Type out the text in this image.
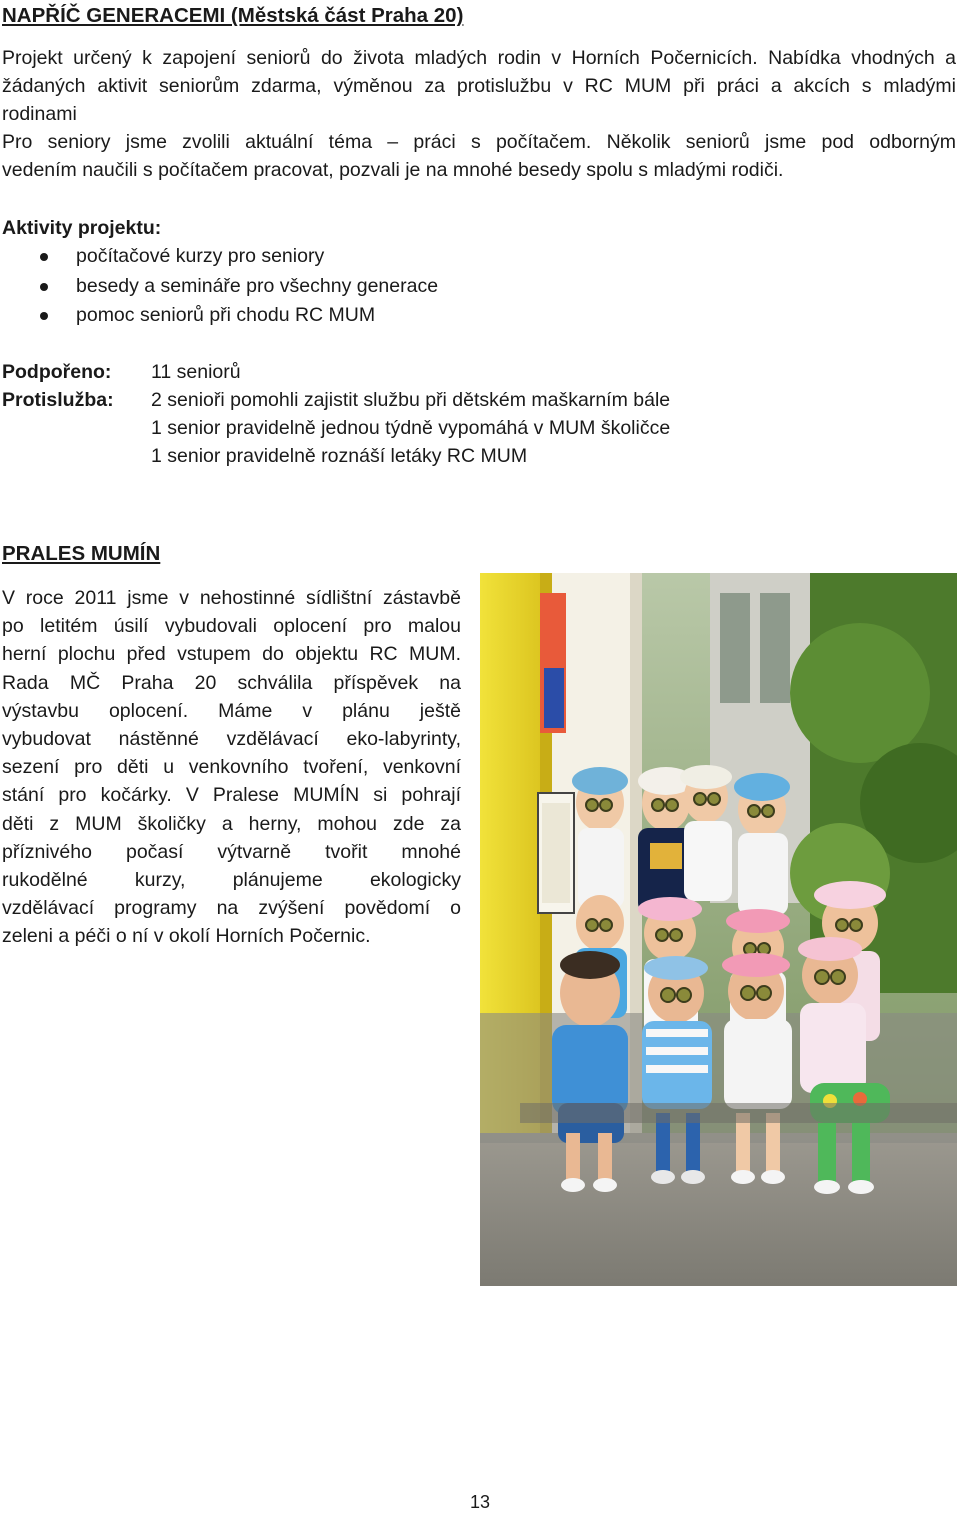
NAPŘÍČ GENERACEMI (Městská část Praha 20)
Projekt určený k zapojení seniorů do života mladých rodin v Horních Počernicích. Nabídka vhodných a
žádaných aktivit seniorům zdarma, výměnou za protislužbu v RC MUM při práci a akcích s mladými
rodinami
Pro seniory jsme zvolili aktuální téma – práci s počítačem. Několik seniorů jsme pod odborným
vedením naučili s počítačem pracovat, pozvali je na mnohé besedy spolu s mladými rodiči.

Aktivity projektu:

počítačové kurzy pro seniory
besedy a semináře pro všechny generace
pomoc seniorů při chodu RC MUM
Podpořeno:	11 seniorů
Protislužba:	2 senioři pomohli zajistit službu při dětském maškarním bále
1 senior pravidelně jednou týdně vypomáhá v MUM školičce
1 senior pravidelně roznáší letáky RC MUM
PRALES MUMÍN
V roce 2011 jsme v nehostinné sídlištní zástavbě
po letitém úsilí vybudovali oplocení pro malou
herní plochu před vstupem do objektu RC MUM.
Rada MČ Praha 20 schválila příspěvek na
výstavbu oplocení. Máme v plánu ještě
vybudovat nástěnné vzdělávací eko-labyrinty,
sezení pro děti u venkovního tvoření, venkovní
stání pro kočárky. V Pralese MUMÍN si pohrají
děti z MUM školičky a herny, mohou zde za
příznivého počasí výtvarně tvořit mnohé
rukodělné kurzy, plánujeme ekologicky
vzdělávací programy na zvýšení povědomí o
zeleni a péči o ní v okolí Horních Počernic.
13
